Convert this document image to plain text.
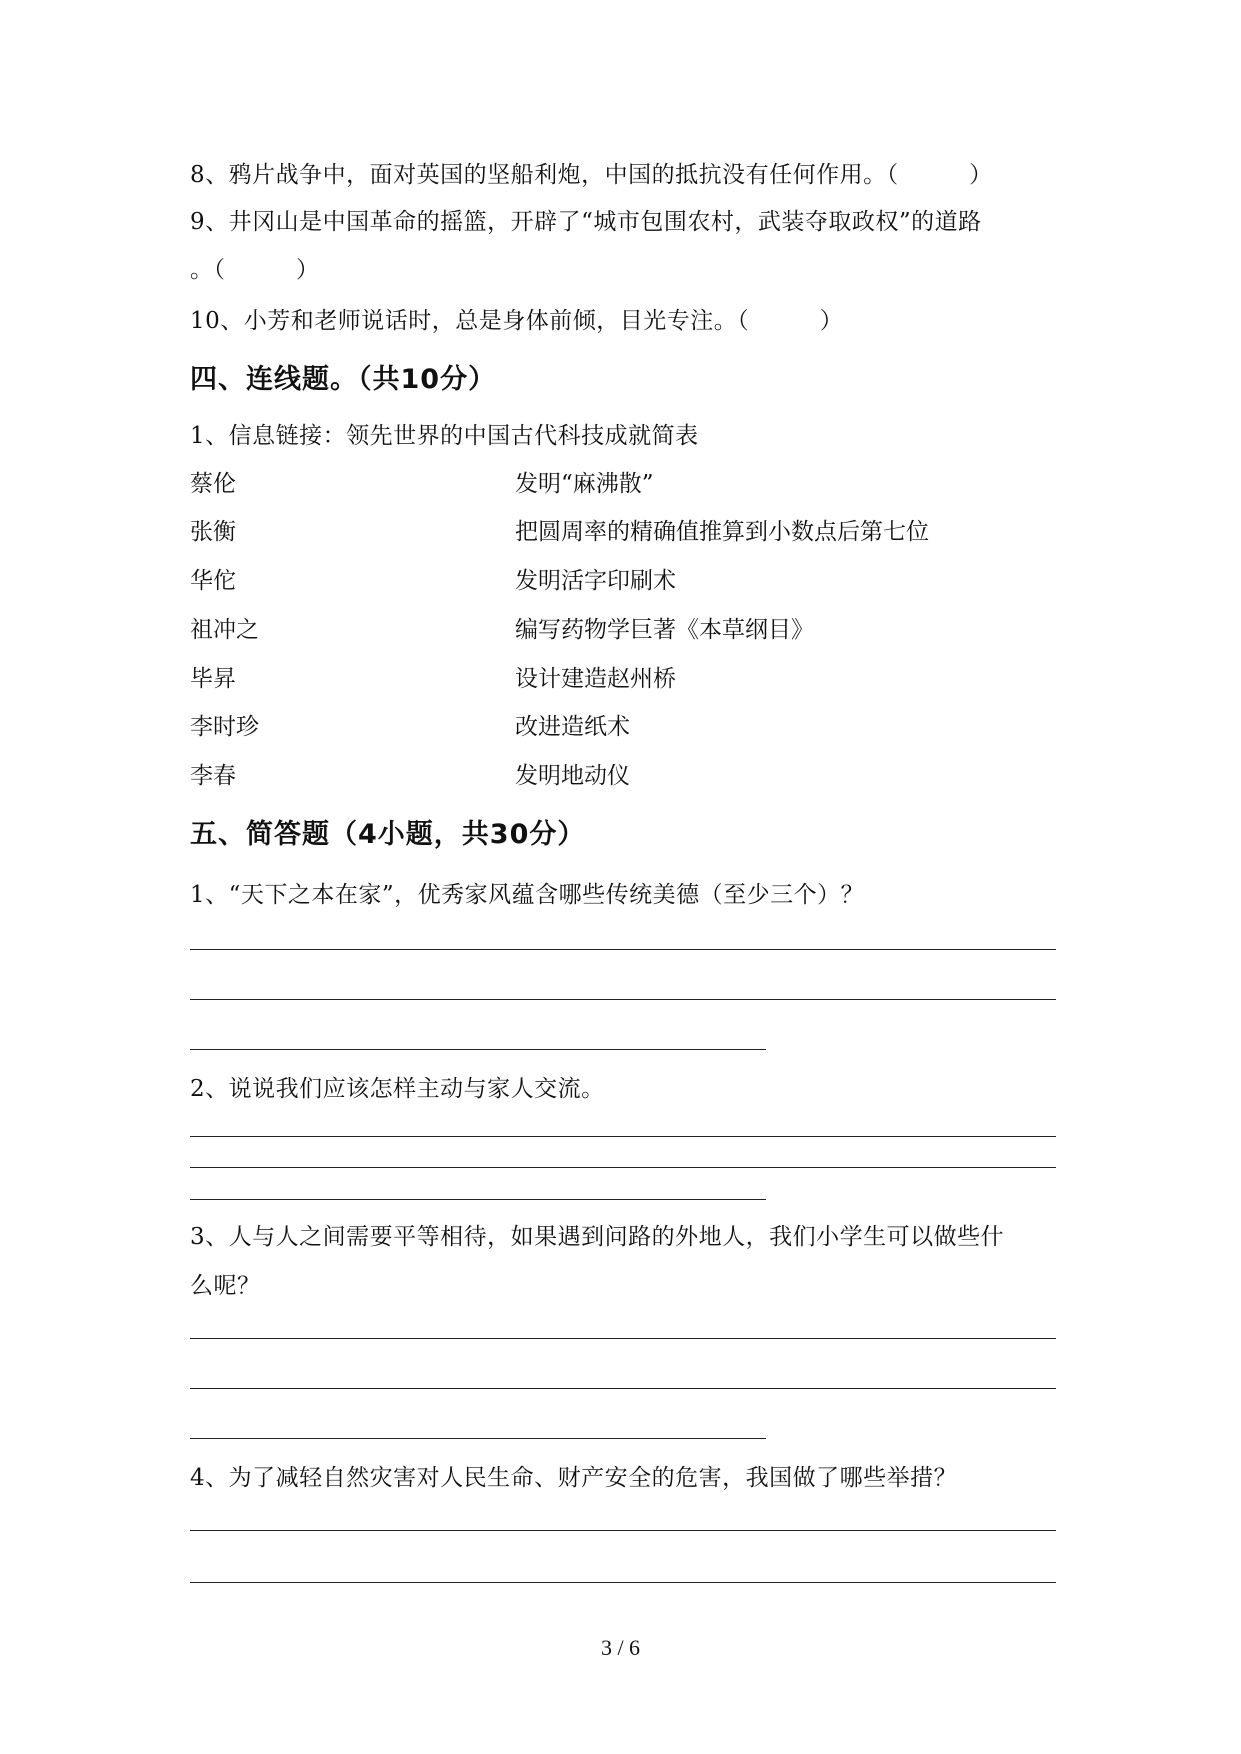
8、鸦片战争中，面对英国的坚船利炮，中国的抵抗没有任何作用。（　　　）
9、井冈山是中国革命的摇篮，开辟了“城市包围农村，武装夺取政权”的道路
。（　　　）
10、小芳和老师说话时，总是身体前倾，目光专注。（　　　）
四、连线题。（共10分）
1、信息链接：领先世界的中国古代科技成就简表
蔡伦	发明“麻沸散”
张衡	把圆周率的精确值推算到小数点后第七位
华佗	发明活字印刷术
祖冲之	编写药物学巨著《本草纲目》
毕昇	设计建造赵州桥
李时珍	改进造纸术
李春	发明地动仪
五、简答题（4小题，共30分）
1、“天下之本在家”，优秀家风蕴含哪些传统美德（至少三个）？
2、说说我们应该怎样主动与家人交流。
3、人与人之间需要平等相待，如果遇到问路的外地人，我们小学生可以做些什
么呢？
4、为了减轻自然灾害对人民生命、财产安全的危害，我国做了哪些举措？
3 / 6
